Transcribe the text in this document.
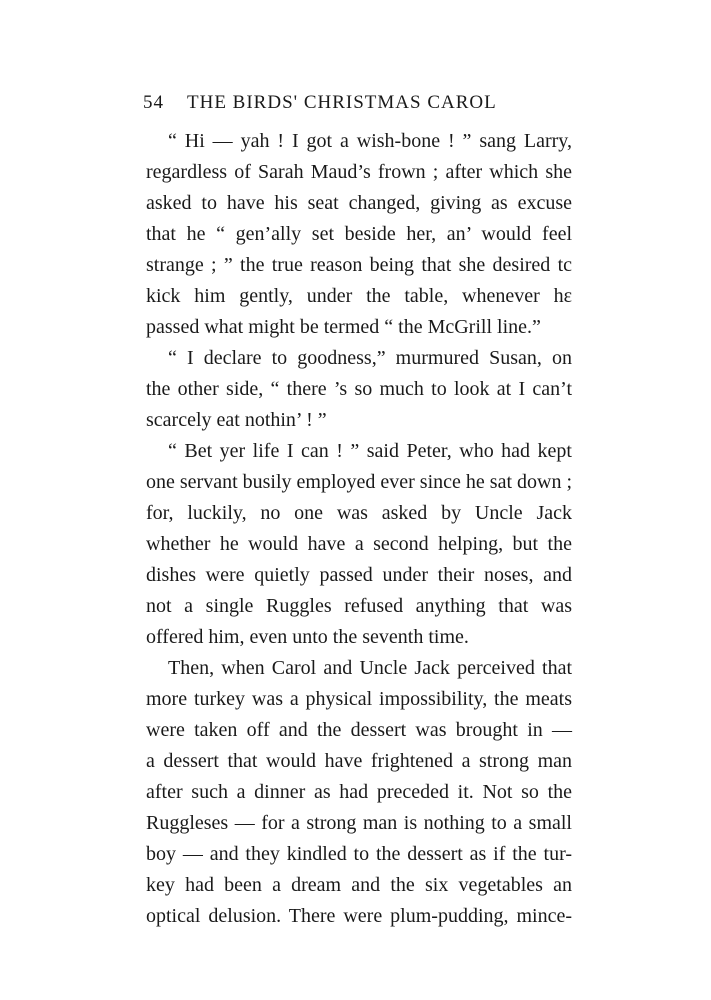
54 THE BIRDS' CHRISTMAS CAROL
“ Hi — yah ! I got a wish-bone ! ” sang Larry,
regardless of Sarah Maud’s frown ; after which she
asked to have his seat changed, giving as excuse
that he “ gen’ally set beside her, an’ would feel
strange ; ” the true reason being that she desired tc
kick him gently, under the table, whenever hε
passed what might be termed “ the McGrill line.”
“ I declare to goodness,” murmured Susan, on
the other side, “ there ’s so much to look at I can’t
scarcely eat nothin’ ! ”
“ Bet yer life I can ! ” said Peter, who had kept
one servant busily employed ever since he sat down ;
for, luckily, no one was asked by Uncle Jack
whether he would have a second helping, but the
dishes were quietly passed under their noses, and
not a single Ruggles refused anything that was
offered him, even unto the seventh time.
Then, when Carol and Uncle Jack perceived that
more turkey was a physical impossibility, the meats
were taken off and the dessert was brought in —
a dessert that would have frightened a strong man
after such a dinner as had preceded it. Not so the
Ruggleses — for a strong man is nothing to a small
boy — and they kindled to the dessert as if the tur-
key had been a dream and the six vegetables an
optical delusion. There were plum-pudding, mince-
